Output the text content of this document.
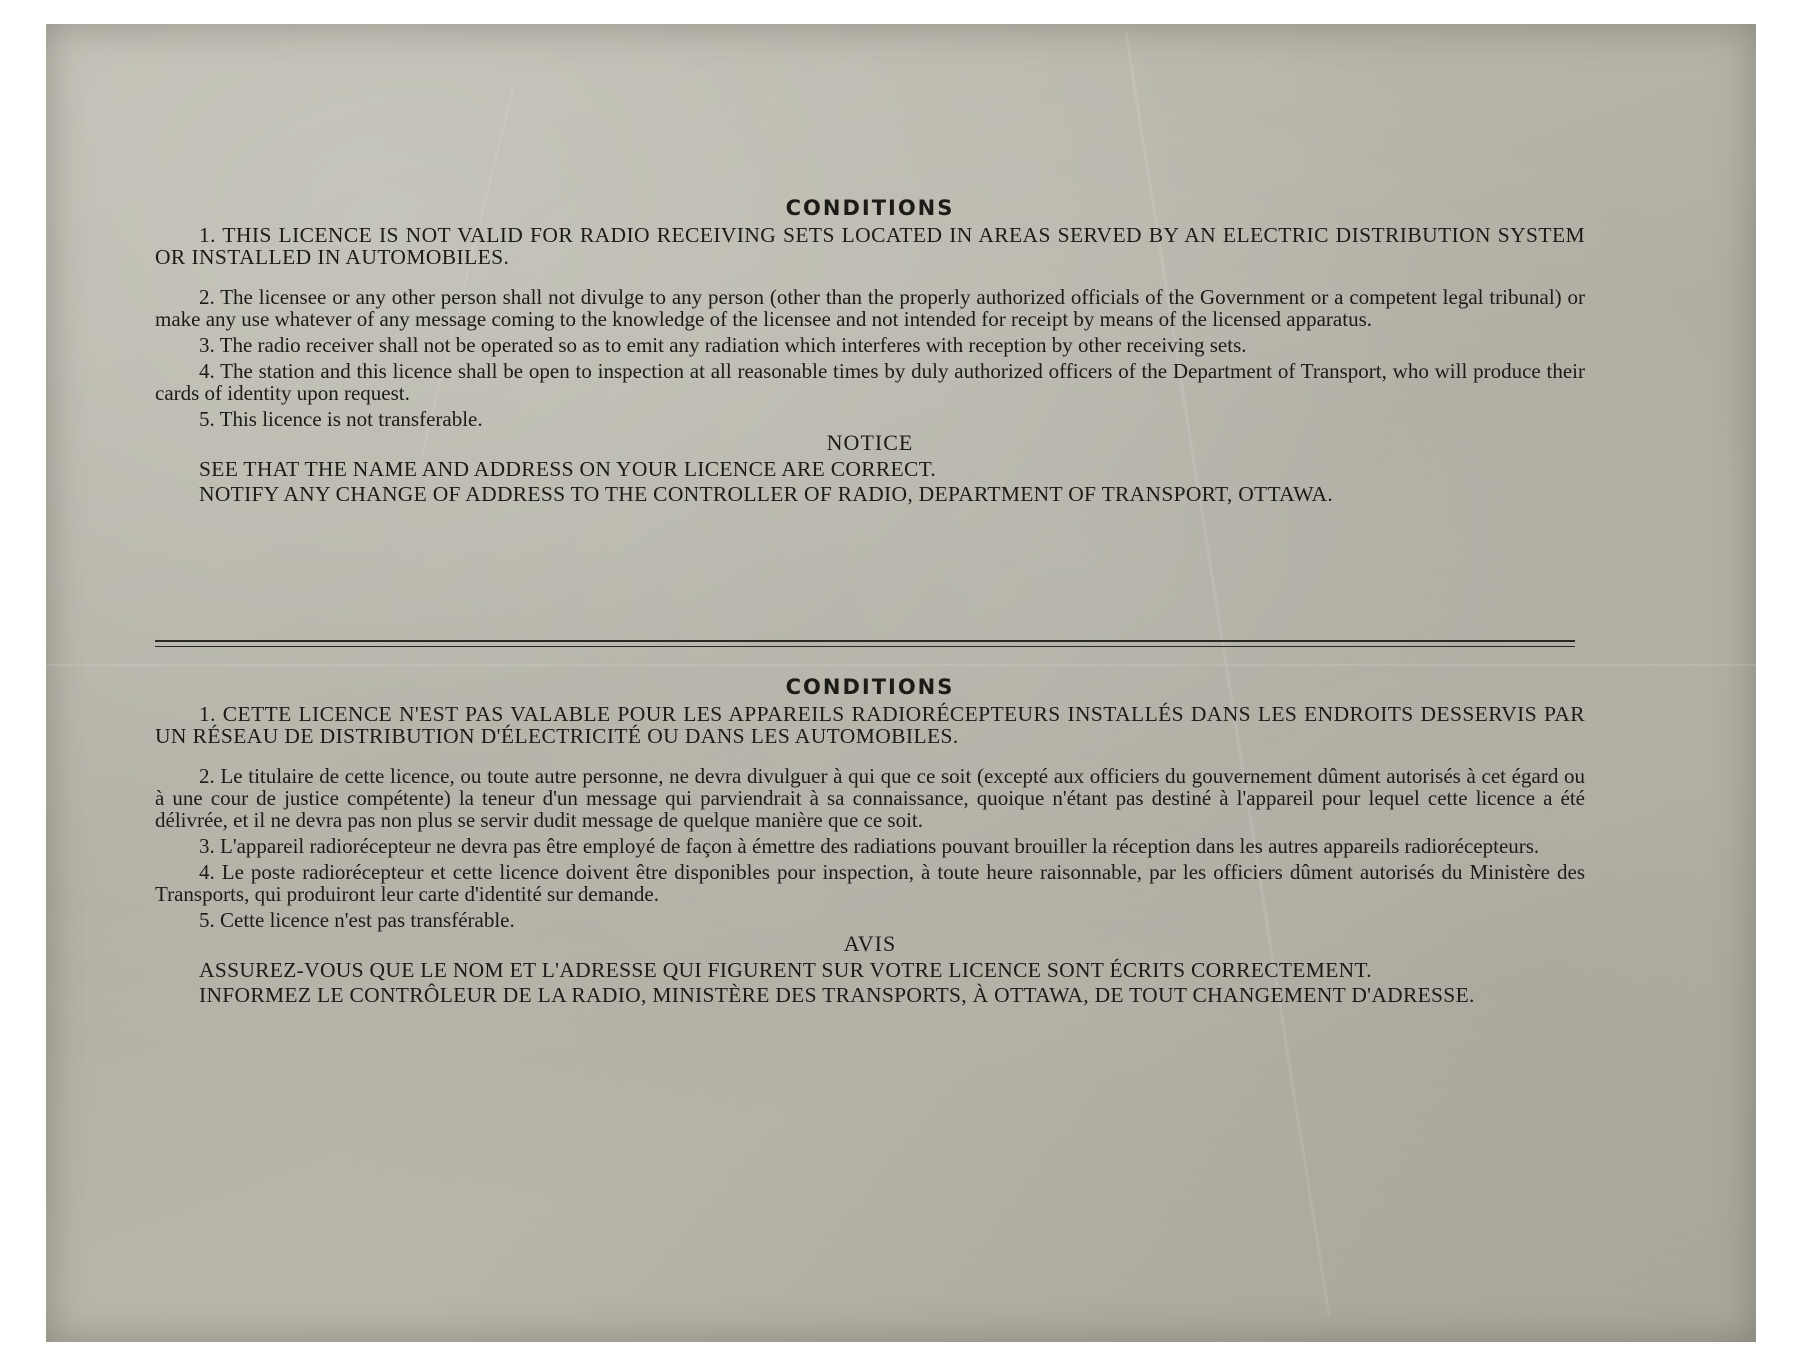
CONDITIONS

1. THIS LICENCE IS NOT VALID FOR RADIO RECEIVING SETS LOCATED IN AREAS SERVED BY AN ELECTRIC DISTRIBUTION SYSTEM OR INSTALLED IN AUTOMOBILES.

2. The licensee or any other person shall not divulge to any person (other than the properly authorized officials of the Government or a competent legal tribunal) or make any use whatever of any message coming to the knowledge of the licensee and not intended for receipt by means of the licensed apparatus.

3. The radio receiver shall not be operated so as to emit any radiation which interferes with reception by other receiving sets.

4. The station and this licence shall be open to inspection at all reasonable times by duly authorized officers of the Department of Transport, who will produce their cards of identity upon request.

5. This licence is not transferable.

NOTICE

SEE THAT THE NAME AND ADDRESS ON YOUR LICENCE ARE CORRECT.

NOTIFY ANY CHANGE OF ADDRESS TO THE CONTROLLER OF RADIO, DEPARTMENT OF TRANSPORT, OTTAWA.

CONDITIONS

1. CETTE LICENCE N'EST PAS VALABLE POUR LES APPAREILS RADIORÉCEPTEURS INSTALLÉS DANS LES ENDROITS DESSERVIS PAR UN RÉSEAU DE DISTRIBUTION D'ÉLECTRICITÉ OU DANS LES AUTOMOBILES.

2. Le titulaire de cette licence, ou toute autre personne, ne devra divulguer à qui que ce soit (excepté aux officiers du gouvernement dûment autorisés à cet égard ou à une cour de justice compétente) la teneur d'un message qui parviendrait à sa connaissance, quoique n'étant pas destiné à l'appareil pour lequel cette licence a été délivrée, et il ne devra pas non plus se servir dudit message de quelque manière que ce soit.

3. L'appareil radiorécepteur ne devra pas être employé de façon à émettre des radiations pouvant brouiller la réception dans les autres appareils radiorécepteurs.

4. Le poste radiorécepteur et cette licence doivent être disponibles pour inspection, à toute heure raisonnable, par les officiers dûment autorisés du Ministère des Transports, qui produiront leur carte d'identité sur demande.

5. Cette licence n'est pas transférable.

AVIS

ASSUREZ-VOUS QUE LE NOM ET L'ADRESSE QUI FIGURENT SUR VOTRE LICENCE SONT ÉCRITS CORRECTEMENT.

INFORMEZ LE CONTRÔLEUR DE LA RADIO, MINISTÈRE DES TRANSPORTS, À OTTAWA, DE TOUT CHANGEMENT D'ADRESSE.
